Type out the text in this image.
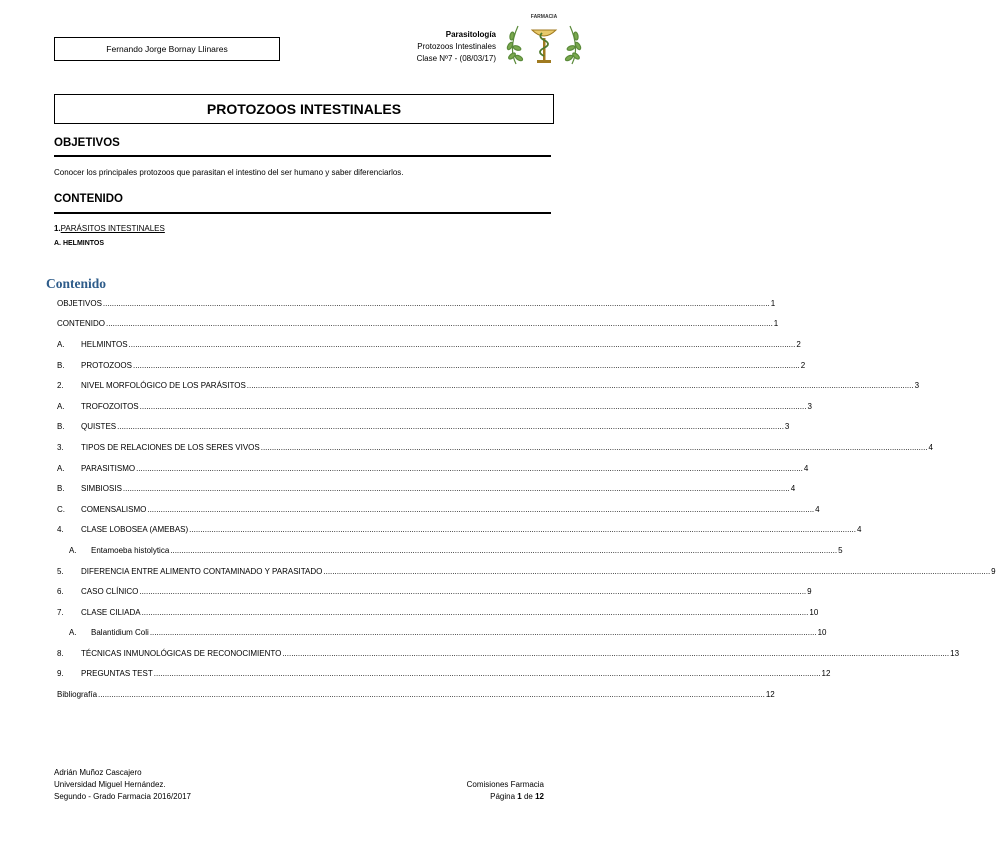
Fernando Jorge Bornay Llinares
Parasitología
Protozoos Intestinales
Clase Nº7 - (08/03/17)
FARMACIA
PROTOZOOS INTESTINALES
OBJETIVOS
Conocer los principales protozoos que parasitan el intestino del ser humano y saber diferenciarlos.
CONTENIDO
1.PARÁSITOS INTESTINALES
A. HELMINTOS
Contenido
OBJETIVOS ............................................................................................................................................................................................................................................................................................................ 1
CONTENIDO ............................................................................................................................................................................................................................................................................................................ 1
A. HELMINTOS ............................................................................................................................................................................................................................................................................................................ 2
B. PROTOZOOS ............................................................................................................................................................................................................................................................................................................ 2
2. NIVEL MORFOLÓGICO DE LOS PARÁSITOS ............................................................................................................................................................................................................................................................................................................ 3
A. TROFOZOITOS ............................................................................................................................................................................................................................................................................................................ 3
B. QUISTES ............................................................................................................................................................................................................................................................................................................ 3
3. TIPOS DE RELACIONES DE LOS SERES VIVOS ............................................................................................................................................................................................................................................................................................................ 4
A. PARASITISMO ............................................................................................................................................................................................................................................................................................................ 4
B. SIMBIOSIS ............................................................................................................................................................................................................................................................................................................ 4
C. COMENSALISMO ............................................................................................................................................................................................................................................................................................................ 4
4. CLASE LOBOSEA (AMEBAS) ............................................................................................................................................................................................................................................................................................................ 4
A. Entamoeba histolytica ............................................................................................................................................................................................................................................................................................................ 5
5. DIFERENCIA ENTRE ALIMENTO CONTAMINADO Y PARASITADO ............................................................................................................................................................................................................................................................................................................ 9
6. CASO CLÍNICO ............................................................................................................................................................................................................................................................................................................ 9
7. CLASE CILIADA ............................................................................................................................................................................................................................................................................................................ 10
A. Balantidium Coli ............................................................................................................................................................................................................................................................................................................ 10
8. TÉCNICAS INMUNOLÓGICAS DE RECONOCIMIENTO ............................................................................................................................................................................................................................................................................................................ 13
9. PREGUNTAS TEST ............................................................................................................................................................................................................................................................................................................ 12
Bibliografía ............................................................................................................................................................................................................................................................................................................ 12
Adrián Muñoz Cascajero
Universidad Miguel Hernández.
Segundo - Grado Farmacia 2016/2017
Comisiones Farmacia
Página 1 de 12
